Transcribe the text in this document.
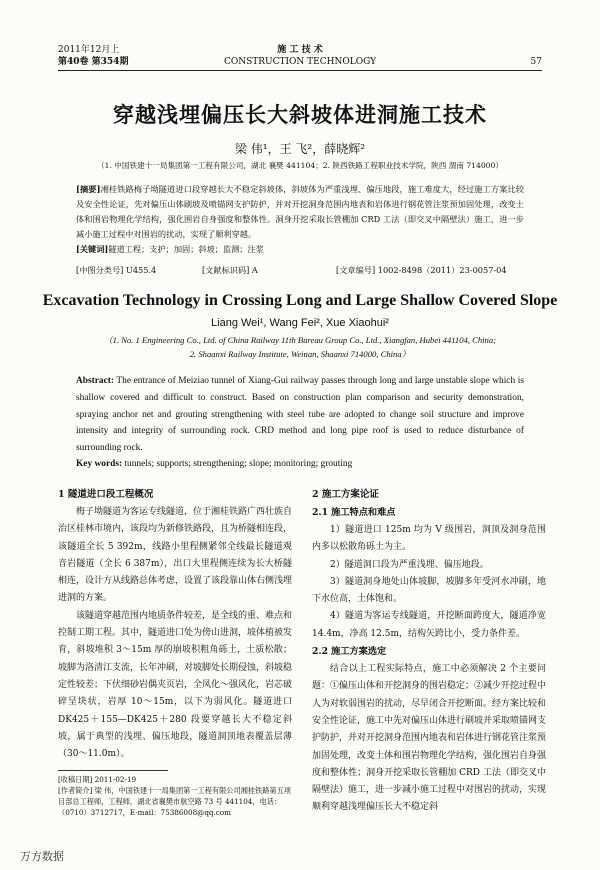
2011年12月上
第40卷 第354期
施 工 技 术
CONSTRUCTION TECHNOLOGY	57
穿越浅埋偏压长大斜坡体进洞施工技术
梁 伟¹，王 飞²，薛晓辉²
（1. 中国铁建十一局集团第一工程有限公司，湖北 襄樊 441104；2. 陕西铁路工程职业技术学院，陕西 渭南 714000）
[摘要]湘桂铁路梅子坳隧道进口段穿越长大不稳定斜坡体，斜坡体为严重浅埋、偏压地段，施工难度大，经过施工方案比较及安全性论证，先对偏压山体刷坡及喷锚网支护防护，并对开挖洞身范围内地表和岩体进行钢花管注浆预加固处理，改变土体和围岩物理化学结构，强化围岩自身强度和整体性。洞身开挖采取长管棚加 CRD 工法（即交叉中隔壁法）施工，进一步减小施工过程中对围岩的扰动，实现了顺利穿越。
[关键词]隧道工程；支护；加固；斜坡；监测；注浆
[中图分类号] U455.4	[文献标识码] A	[文章编号] 1002-8498（2011）23-0057-04
Excavation Technology in Crossing Long and Large Shallow Covered Slope
Liang Wei¹, Wang Fei², Xue Xiaohui²
（1. No. 1 Engineering Co., Ltd. of China Railway 11th Bureau Group Co., Ltd., Xiangfan, Hubei 441104, China;
2. Shaanxi Railway Institute, Weinan, Shaanxi 714000, China）
Abstract: The entrance of Meiziao tunnel of Xiang-Gui railway passes through long and large unstable slope which is shallow covered and difficult to construct. Based on construction plan comparison and security demonstration, spraying anchor net and grouting strengthening with steel tube are adopted to change soil structure and improve intensity and integrity of surrounding rock. CRD method and long pipe roof is used to reduce disturbance of surrounding rock.
Key words: tunnels; supports; strengthening; slope; monitoring; grouting
1 隧道进口段工程概况

梅子坳隧道为客运专线隧道，位于湘桂铁路广西壮族自治区桂林市境内，该段均为新修铁路段，且为桥隧相连段，该隧道全长 5 392m，线路小里程侧紧邻全线最长隧道观音岩隧道（全长 6 387m），出口大里程侧连续为长大桥隧相连，设计方从线路总体考虑，设置了该段靠山体右侧浅埋进洞的方案。

该隧道穿越范围内地质条件较差，是全线的重、难点和控制工期工程。其中，隧道进口处为傍山进洞，坡体植被发育，斜坡堆积 3～15m 厚的崩坡积粗角砾土，土质松散；坡脚为洛清江支流，长年冲刷，对坡脚处长期侵蚀，斜坡稳定性较差；下伏细砂岩偶夹页岩，全风化～强风化，岩芯破碎呈块状，岩厚 10～15m，以下为弱风化。隧道进口 DK425＋155—DK425＋280 段要穿越长大不稳定斜坡，属于典型的浅埋、偏压地段，隧道洞顶地表覆盖层薄（30～11.0m）。

2 施工方案论证
2.1 施工特点和难点

1）隧道进口 125m 均为 V 级围岩，洞顶及洞身范围内多以松散角砾土为主。

2）隧道洞口段为严重浅埋、偏压地段。

3）隧道洞身地处山体坡脚，坡脚多年受河水冲刷，地下水位高，土体饱和。

4）隧道为客运专线隧道，开挖断面跨度大，隧道净宽 14.4m，净高 12.5m，结构矢跨比小，受力条件差。

2.2 施工方案选定

结合以上工程实际特点，施工中必须解决 2 个主要问题：①偏压山体和开挖洞身的围岩稳定；②减少开挖过程中人为对软弱围岩的扰动，尽早闭合开挖断面。经方案比较和安全性论证，施工中先对偏压山体进行刷坡并采取喷锚网支护防护，并对开挖洞身范围内地表和岩体进行钢花管注浆预加固处理，改变土体和围岩物理化学结构，强化围岩自身强度和整体性；洞身开挖采取长管棚加 CRD 工法（即交叉中隔壁法）施工，进一步减小施工过程中对围岩的扰动，实现顺利穿越浅埋偏压长大不稳定斜

[收稿日期] 2011-02-19

[作者简介] 梁 伟，中国铁建十一局集团第一工程有限公司湘桂铁路第五项目部总工程师，工程师，湖北省襄樊市航空路 73 号 441104，电话：（0710）3712717，E-mail：75386008@qq.com

万方数据
